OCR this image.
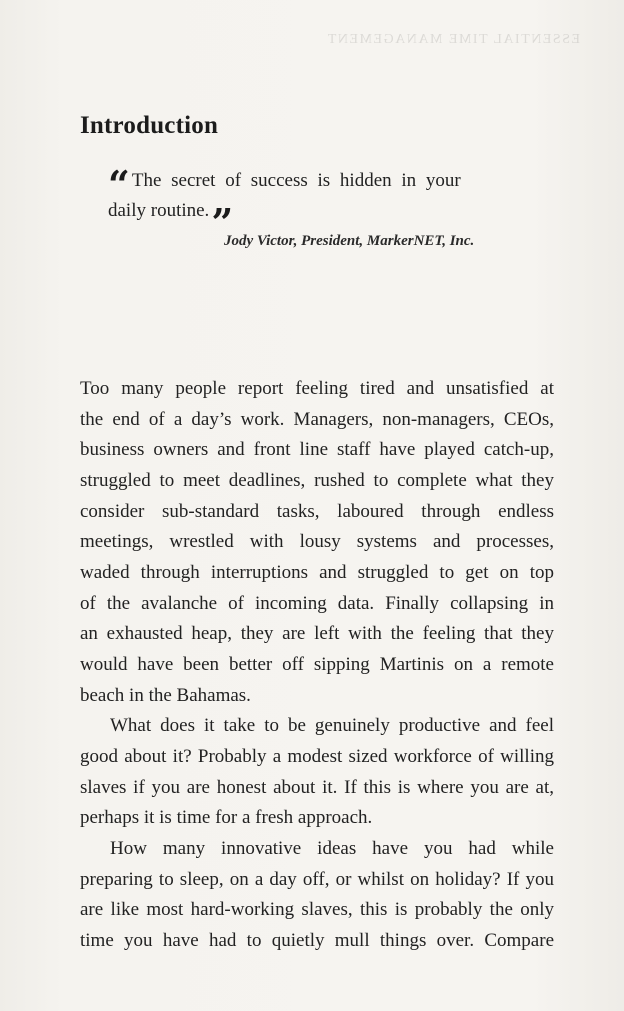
ESSENTIAL TIME MANAGEMENT
Introduction
“ The secret of success is hidden in your
daily routine.”
Jody Victor, President, MarkerNET, Inc.
Too many people report feeling tired and unsatisfied at
the end of a day’s work. Managers, non-managers, CEOs,
business owners and front line staff have played catch-up,
struggled to meet deadlines, rushed to complete what they
consider sub-standard tasks, laboured through endless
meetings, wrestled with lousy systems and processes,
waded through interruptions and struggled to get on top
of the avalanche of incoming data. Finally collapsing in
an exhausted heap, they are left with the feeling that they
would have been better off sipping Martinis on a remote
beach in the Bahamas.
What does it take to be genuinely productive and feel
good about it? Probably a modest sized workforce of willing
slaves if you are honest about it. If this is where you are at,
perhaps it is time for a fresh approach.
How many innovative ideas have you had while
preparing to sleep, on a day off, or whilst on holiday? If you
are like most hard-working slaves, this is probably the only
time you have had to quietly mull things over. Compare
